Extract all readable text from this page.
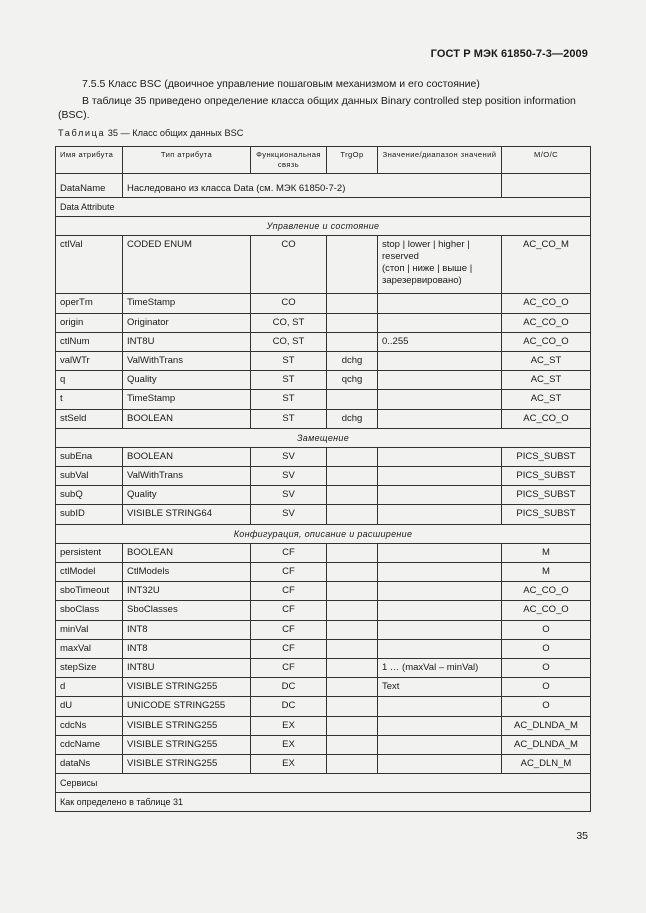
ГОСТ Р МЭК 61850-7-3—2009
7.5.5 Класс BSC (двоичное управление пошаговым механизмом и его состояние)
В таблице 35 приведено определение класса общих данных Binary controlled step position information (BSC).
Таблица 35 — Класс общих данных BSC
Имя атрибута	Тип атрибута	Функциональная связь	TrgOp	Значение/диапазон значений	М/О/С

DataName	Наследовано из класса Data (см. МЭК 61850-7-2)				
Data Attribute					
Управление и состояние					
ctlVal	CODED ENUM	CO		stop | lower | higher |
reserved
(стоп | ниже | выше |
зарезервировано)	AC_CO_M
operTm	TimeStamp	CO			AC_CO_O
origin	Originator	CO, ST			AC_CO_O
ctlNum	INT8U	CO, ST		0..255	AC_CO_O
valWTr	ValWithTrans	ST	dchg		AC_ST
q	Quality	ST	qchg		AC_ST
t	TimeStamp	ST			AC_ST
stSeld	BOOLEAN	ST	dchg		AC_CO_O
Замещение					
subEna	BOOLEAN	SV			PICS_SUBST
subVal	ValWithTrans	SV			PICS_SUBST
subQ	Quality	SV			PICS_SUBST
subID	VISIBLE STRING64	SV			PICS_SUBST
Конфигурация, описание и расширение					
persistent	BOOLEAN	CF			M
ctlModel	CtlModels	CF			M
sboTimeout	INT32U	CF			AC_CO_O
sboClass	SboClasses	CF			AC_CO_O
minVal	INT8	CF			O
maxVal	INT8	CF			O
stepSize	INT8U	CF		1 … (maxVal – minVal)	O
d	VISIBLE STRING255	DC		Text	O
dU	UNICODE STRING255	DC			O
cdcNs	VISIBLE STRING255	EX			AC_DLNDA_M
cdcName	VISIBLE STRING255	EX			AC_DLNDA_M
dataNs	VISIBLE STRING255	EX			AC_DLN_M
Сервисы					
Как определено в таблице 31					
35
